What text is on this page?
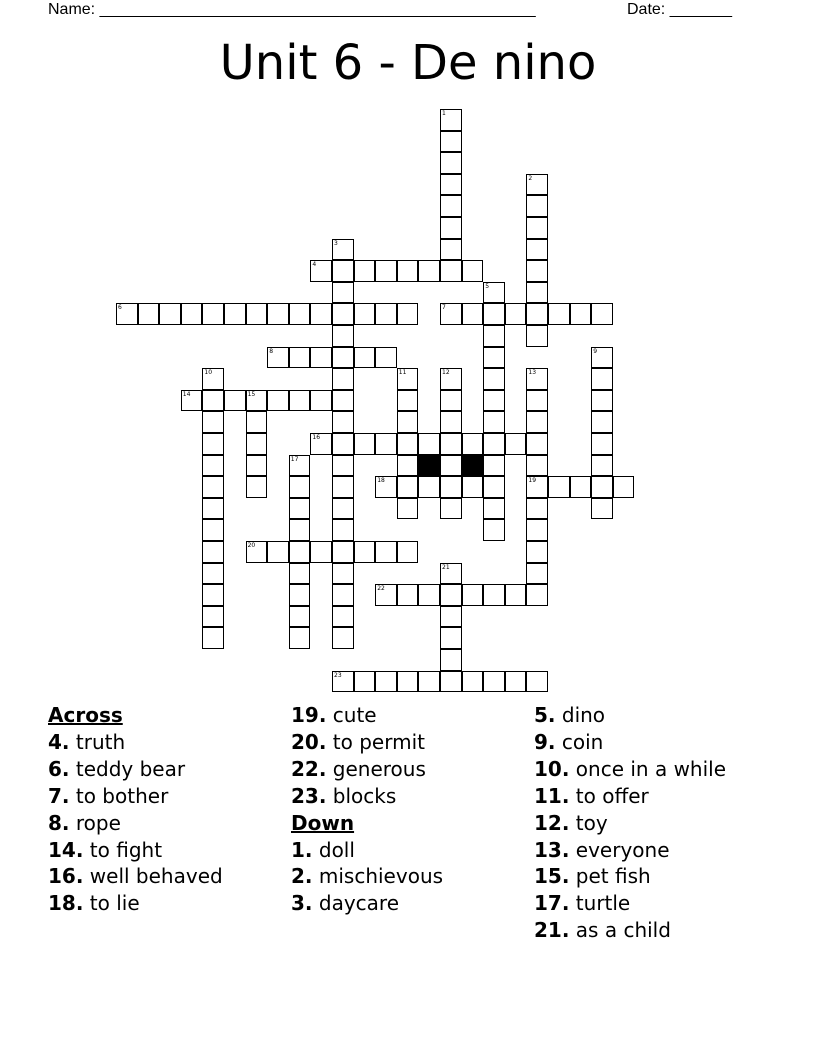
Name: _________________________________________________	Date: _______
Unit 6 - De nino
1
2
3
4
5
6	7
8	9
10	11	12	13
19
14	15
16
17
18
20
21
22
23
Across
4. truth
6. teddy bear
7. to bother
8. rope
14. to fight
16. well behaved
18. to lie
19. cute
20. to permit
22. generous
23. blocks
Down
1. doll
2. mischievous
3. daycare
5. dino
9. coin
10. once in a while
11. to offer
12. toy
13. everyone
15. pet fish
17. turtle
21. as a child
